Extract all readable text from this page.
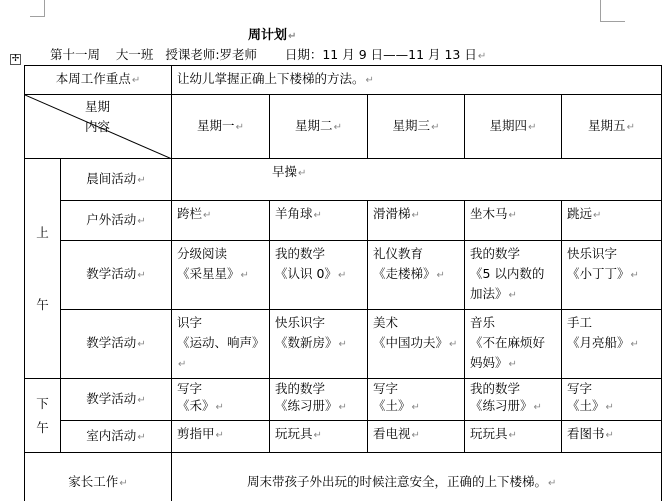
周计划↵
第十一周    大一班   授课老师:罗老师       日期：11 月 9 日——11 月 13 日↵
✢
本周工作重点↵		让幼儿掌握正确上下楼梯的方法。↵				

星期
内容		星期一↵	星期二↵	星期三↵	星期四↵	星期五↵
上

午	晨间活动↵	早操↵				
	户外活动↵	跨栏↵	羊角球↵	滑滑梯↵	坐木马↵	跳远↵
	教学活动↵	分级阅读
《采星星》↵	我的数学
《认识 0》↵	礼仪教育
《走楼梯》↵	我的数学
《5 以内数的加法》↵	快乐识字
《小丁丁》↵
	教学活动↵	识字
《运动、响声》↵	快乐识字
《数新房》↵	美术
《中国功夫》↵	音乐
《不在麻烦好妈妈》↵	手工
《月亮船》↵
下
午	教学活动↵	写字
《禾》↵	我的数学
《练习册》↵	写字
《土》↵	我的数学
《练习册》↵	写字
《土》↵
	室内活动↵	剪指甲↵	玩玩具↵	看电视↵	玩玩具↵	看图书↵
家长工作↵		周末带孩子外出玩的时候注意安全，正确的上下楼梯。↵				
